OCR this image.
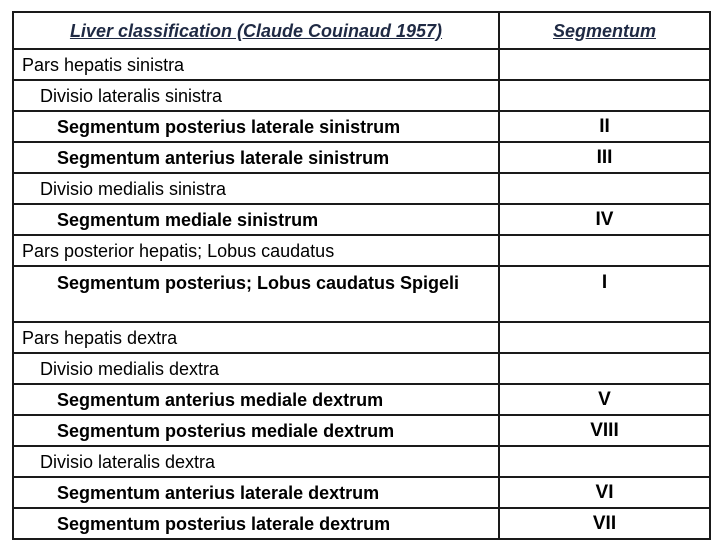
Liver classification (Claude Couinaud 1957)	Segmentum
Pars hepatis sinistra	
Divisio lateralis sinistra	
Segmentum posterius laterale sinistrum	II
Segmentum anterius laterale sinistrum	III
Divisio medialis sinistra	
Segmentum mediale sinistrum	IV
Pars posterior hepatis; Lobus caudatus	
Segmentum posterius; Lobus caudatus Spigeli	I
Pars hepatis dextra	
Divisio medialis dextra	
Segmentum anterius mediale dextrum	V
Segmentum posterius mediale dextrum	VIII
Divisio lateralis dextra	
Segmentum anterius laterale dextrum	VI
Segmentum posterius laterale dextrum	VII
